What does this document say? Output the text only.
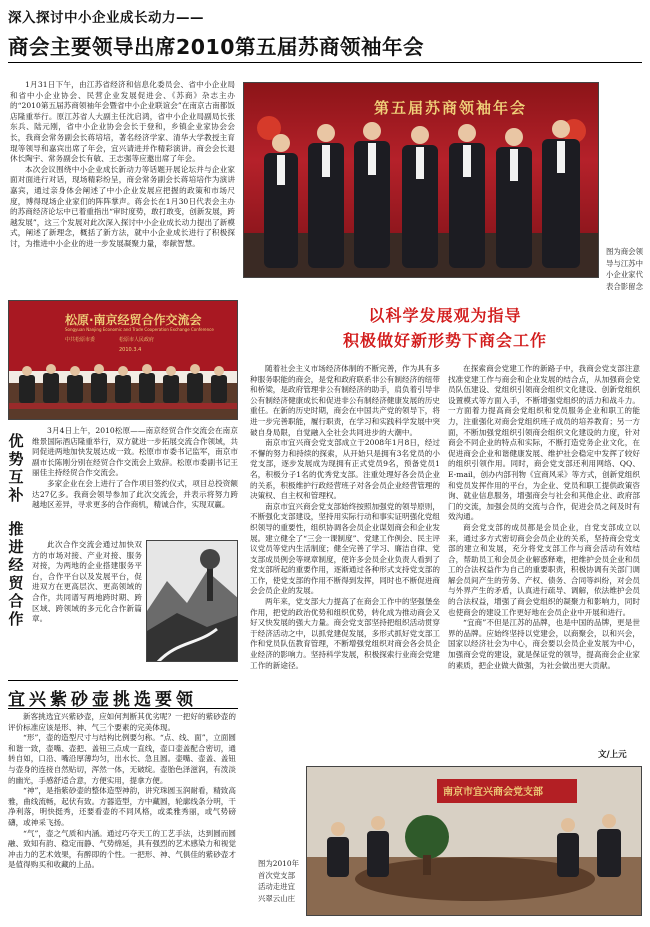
深入探讨中小企业成长动力——
商会主要领导出席2010第五届苏商领袖年会

1月31日下午，由江苏省经济和信息化委员会、省中小企业局和省中小企业协会、民营企业发展促进会、《苏商》杂志主办的“2010第五届苏商领袖年会暨省中小企业联谊会”在南京古南都饭店隆重举行。原江苏省人大副主任沈启鸿，省中小企业局副局长张东兵、陆元刚，省中小企业协会会长于登和，乡镇企业家协会会长，我商会常务副会长蒋培培，著名经济学家、清华大学教授主育琨等领导和嘉宾出席了年会，宜兴请进并作精彩演讲。商会会长退休长陶宇、常务副会长有敏、王志强等应邀出席了年会。

本次会议围绕中小企业成长新动力等话题开展论坛并与企业家面对面进行对话，现场精彩纷呈，商会常务副会长蒋培培作为演讲嘉宾，通过亲身体会阐述了中小企业发展应把握的政策和市场尺度，博得现场企业家们的阵阵掌声。蒋会长在1月30日代表会主办的苏商经济论坛中已着重指出“审时度势，敢打敢变，创新发展，跨越发展”，这三个发展对此次深入探讨中小企业成长动力提出了新模式，阐述了新理念，概括了新方法，就中小企业成长进行了积极探讨，为推进中小企业的进一步发展凝聚力量，奉献智慧。

第五届苏商领袖年会
图为商会领导与江苏中小企业家代表合影留念
松原·南京经贸合作交流会
Songyuan Nanjing Economic and Trade Cooperation Exchange Conference
中共松原市委	松原市人民政府
2010.3.4
优势互补
推进经贸合作

3月4日上午，2010松原——南京经贸合作交流会在南京维景国际酒店隆重举行，双方就进一步拓展交流合作领域，共同促进两地加快发展达成一致。松原市市委书记监军，南京市副市长陈刚分别在经贸合作交流会上致辞。松原市委副书记王丽佳主持经贸合作交流会。

多家企业在会上进行了合作项目签约仪式，项目总投资额达27亿多。我商会领导参加了此次交流会，并表示将努力跨越地区差异，寻求更多的合作商机，精诚合作，实现双赢。

此次合作交流会通过加快双方的市场对接、产业对接、服务对接，为两地的企业搭建服务平台，合作平台以及发展平台，促进双方在更高层次、更高领域的合作，共同谱写两地跨时期、跨区域、跨领域的多元化合作新篇章。

宜兴紫砂壶挑选要领

新客挑选宜兴紫砂壶，应如何判断其优劣呢？一把好的紫砂壶的评价标准应该是形、神、气三个要素的完美体现。

“形”，壶的造型尺寸与结构比例要匀称。“点、线、面”，立面圆和谐一致，壶嘴、壶把、盖钮三点成一直线，壶口壶盖配合密切，通转自如，口沿、嘴沿厚薄均匀，出水长、急且圆。壶嘴、壶盖、盖钮与壶身的连接自然贴切，浑然一体，无破绽。壶胎色泽滋润，有泼淡的幽光，手感舒适合意，方便实用，提拿方便。

“神”，是指紫砂壶的整体造型神韵，讲究珠圆玉润耐看，精致高雅，曲线流畅，起伏有致。方器造型，方中藏圆，轮廓线条分明，干净利落，明快挺秀，还要看壶的不同风格，或柔雅秀丽，或气势磅礴，或神采飞扬。

“气”，壶之气质和内涵。通过巧夺天工的工艺手法，达到圆而圆融、致知有韵、稳定而静、气势绵延，具有强烈的艺术感染力和视觉冲击力的艺术效果，有醉即的个性。一把形、神、气俱佳的紫砂壶才是值得购买和收藏的上品。

以科学发展观为指导
积极做好新形势下商会工作

随着社会主义市场经济体制的不断完善，作为具有多种服务职能的商会，是党和政府联系非公有制经济的纽带和桥梁，是政府管理非公有制经济的助手，肩负着引导非公有制经济健康成长和促进非公有制经济健康发展的历史重任。在新的历史时期，商会在中国共产党的领导下，将进一步完善职能，履行职责，在学习和实践科学发展中突破自身局限，自觉融入全社会共同进步的大潮中。

南京市宜兴商会党支部成立于2008年1月8日，经过不懈的努力和持续的探索，从开始只是拥有3名党员的小党支部，逐步发展成为现拥有正式党员9名，预备党员1名，积极分子1名的优秀党支部。注重处理好各会员企业的关系，积极维护行政经营班子对各会员企业经营管理的决策权、自主权和管理权。

南京市宜兴商会党支部始终按照加强党的领导原则，不断强化支部建设，坚持用实际行动和事实证明强化党组织领导的重要性，组织协调各会员企业谋划商会和企业发展。建立健全了“三会一课制度”、党建工作例会、民主评议党员等党内生活制度；健全完善了学习、廉洁自律、党支部成员例会等规章制度，使许多会员企业负责人看到了党支部所起的重要作用，逐渐通过各种形式支持党支部的工作，使党支部的作用不断得到发挥，同时也不断促进商会会员企业的发展。

两年来，党支部大力提高了在商会工作中的坚强堡垒作用，把党的政治优势和组织优势，转化成为推动商会又好又快发展的强大力量。商会党支部坚持把组织活动贯穿于经济活动之中，以抓党建促发展，多形式抓好党支部工作和党员队伍教育管理，不断增强党组织对商会各会员企业经济的影响力。坚持科学发展，积极探索行业商会党建工作的新途径。

在探索商会党建工作的新路子中，我商会党支部注意找准党建工作与商会和企业发展的结合点，从加强商会党员队伍建设、党组织引领商会组织文化建设、创新党组织设置模式等方面入手，不断增强党组织的活力和战斗力。一方面着力提高商会党组织和党员服务企业和职工的能力，注重强化对商会党组织班子成员的培养教育；另一方面，不断加强党组织引领商会组织文化建设的力度，针对商会不同企业的特点和实际，不断打造党务企业文化，在促进商会企业和谐健康发展、维护社会稳定中发挥了较好的组织引领作用。同时，商会党支部还利用网络、QQ、E-mail，创办内部刊物《宜商风采》等方式，创新党组织和党员发挥作用的平台，为企业、党员和职工提供政策咨询、就业信息服务，增强商会与社会和其他企业、政府部门的交流，加强会员的交流与合作，促进会员之间及时有效沟通。

商会党支部的成员都是会员企业，自党支部成立以来，通过多方式密切商会会员企业的关系，坚持商会党支部的建立和发展，充分将党支部工作与商会活动有效结合，帮助员工和会员企业解惑释难，把维护会员企业和员工的合法权益作为自己的重要职责，积极协调有关部门调解会员间产生的劳务、产权、债务、合同等纠纷，对会员与外界产生的矛盾，认真进行疏导、调解，依法维护会员的合法权益，增强了商会党组织的凝聚力和影响力，同时也使商会的建设工作更好地在会员企业中开展和进行。

“宜商”不但是江苏的品牌，也是中国的品牌，更是世界的品牌。应始终坚持以党建会，以商聚会，以和兴会，国家以经济社会为中心，商会要以会员企业发展为中心，加强商会党的建设，就是保证党的领导，提高商会企业家的素质，把企业做大做强，为社会做出更大贡献。

文/上元
南京市宜兴商会党支部
图为2010年首次党支部活动走进宜兴翠云山庄
